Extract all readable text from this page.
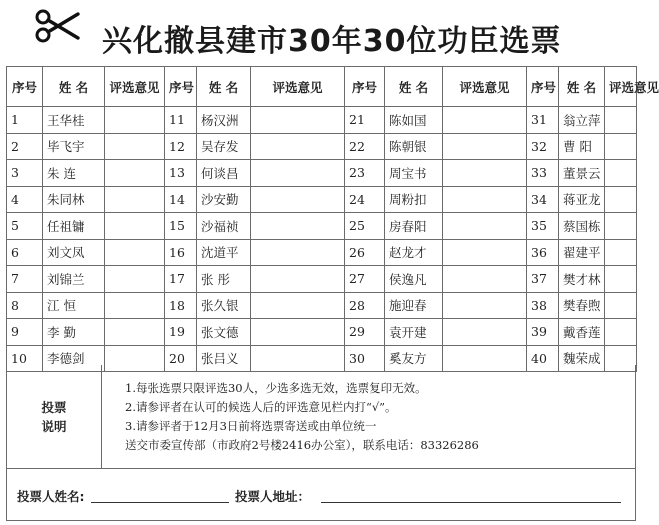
兴化撤县建市30年30位功臣选票
序号	姓 名	评选意见	序号	姓 名	评选意见	序号	姓 名	评选意见	序号	姓 名	评选意见
1	王华桂		11	杨汉洲		21	陈如国		31	翁立萍	
2	毕飞宇		12	吴存发		22	陈朝银		32	曹 阳	
3	朱 连		13	何谈昌		23	周宝书		33	董景云	
4	朱同林		14	沙安勤		24	周粉扣		34	蒋亚龙	
5	任祖镛		15	沙福祯		25	房春阳		35	蔡国栋	
6	刘文凤		16	沈道平		26	赵龙才		36	翟建平	
7	刘锦兰		17	张 彤		27	侯逸凡		37	樊才林	
8	江 恒		18	张久银		28	施迎春		38	樊春煦	
9	李 勤		19	张文德		29	袁开建		39	戴香莲	
10	李德剑		20	张吕义		30	奚友方		40	魏荣成	
投票
说明
1.每张选票只限评选30人，少选多选无效，选票复印无效。
2.请参评者在认可的候选人后的评选意见栏内打“√”。
3.请参评者于12月3日前将选票寄送或由单位统一
送交市委宣传部（市政府2号楼2416办公室），联系电话：83326286
投票人姓名:	投票人地址：
